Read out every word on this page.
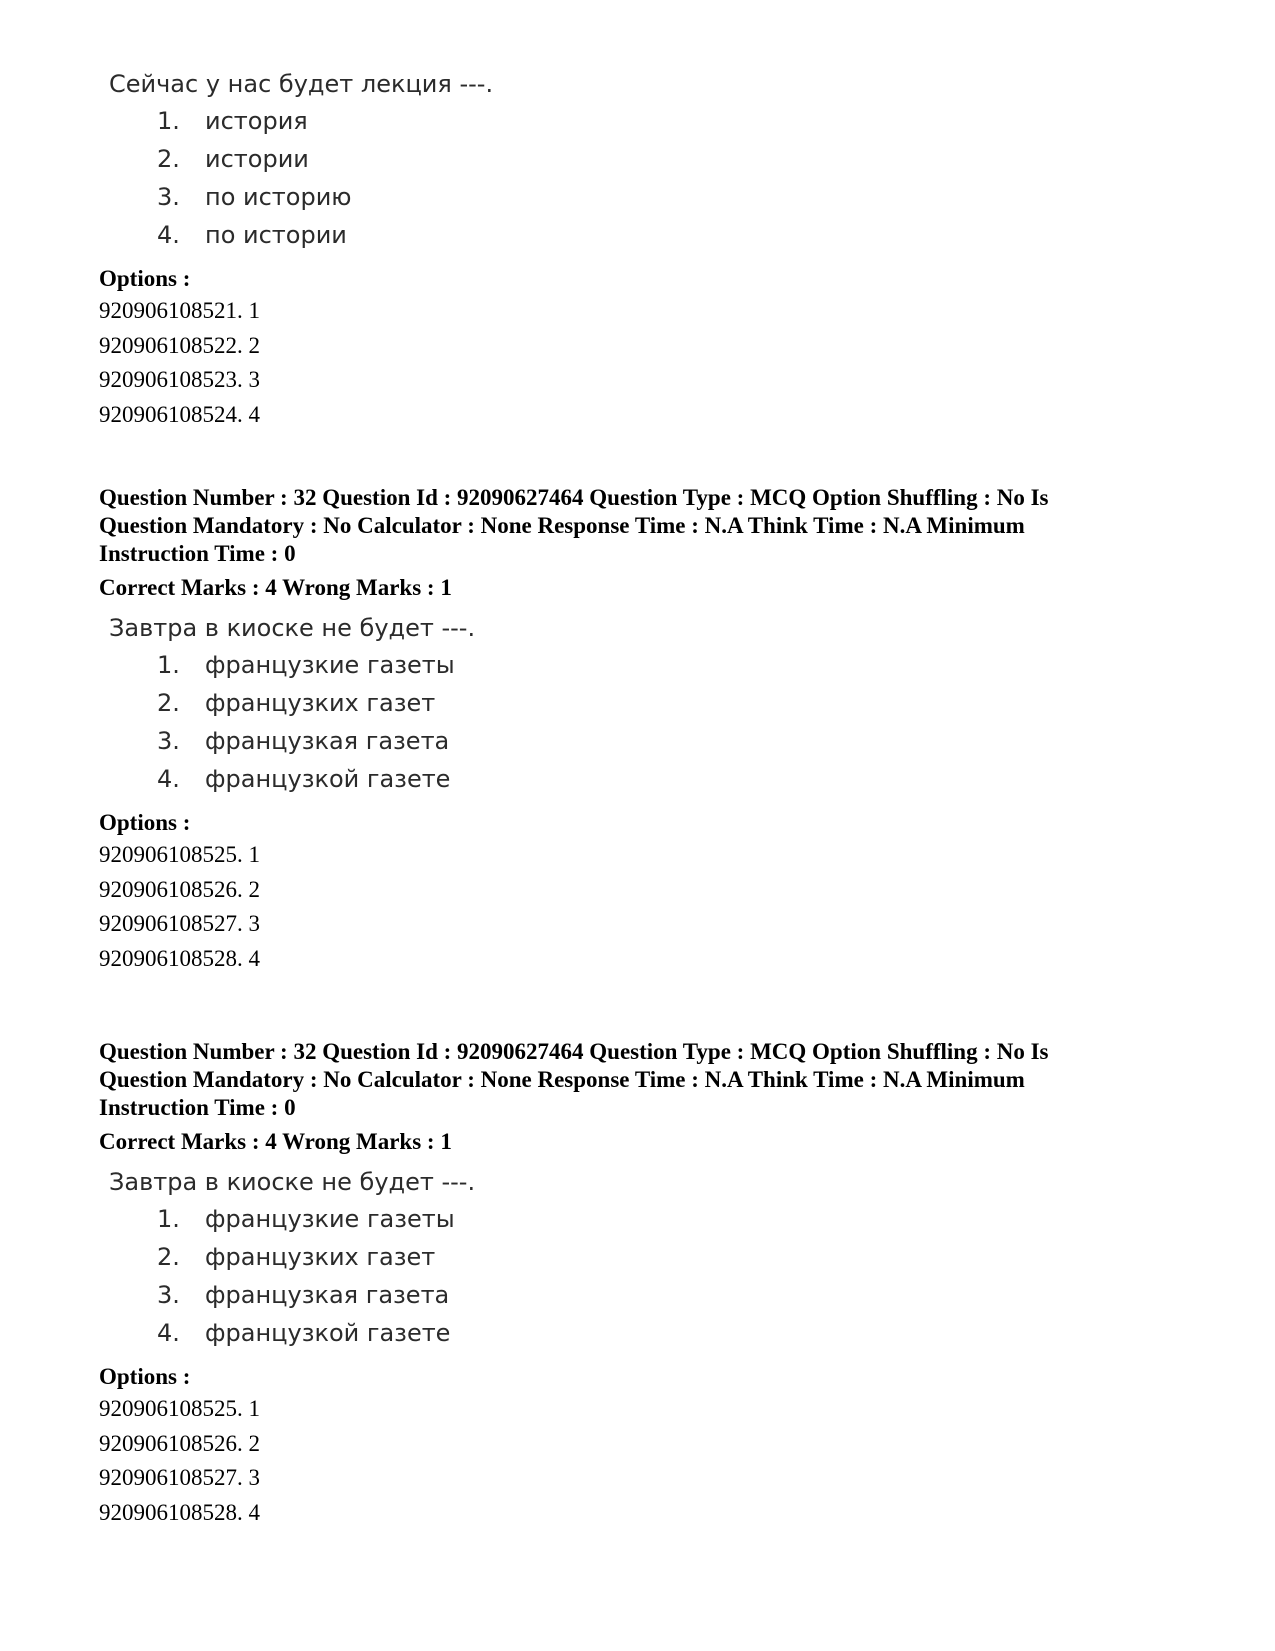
Сейчас у нас будет лекция ---.

1.	история
2.	истории
3.	по историю
4.	по истории
Options :
920906108521. 1
920906108522. 2
920906108523. 3
920906108524. 4

Question Number : 32 Question Id : 92090627464 Question Type : MCQ Option Shuffling : No Is

Question Mandatory : No Calculator : None Response Time : N.A Think Time : N.A Minimum

Instruction Time : 0

Correct Marks : 4 Wrong Marks : 1

Завтра в киоске не будет ---.

1.	французкие газеты
2.	французких газет
3.	французкая газета
4.	французкой газете
Options :
920906108525. 1
920906108526. 2
920906108527. 3
920906108528. 4

Question Number : 32 Question Id : 92090627464 Question Type : MCQ Option Shuffling : No Is

Question Mandatory : No Calculator : None Response Time : N.A Think Time : N.A Minimum

Instruction Time : 0

Correct Marks : 4 Wrong Marks : 1

Завтра в киоске не будет ---.

1.	французкие газеты
2.	французких газет
3.	французкая газета
4.	французкой газете
Options :
920906108525. 1
920906108526. 2
920906108527. 3
920906108528. 4
